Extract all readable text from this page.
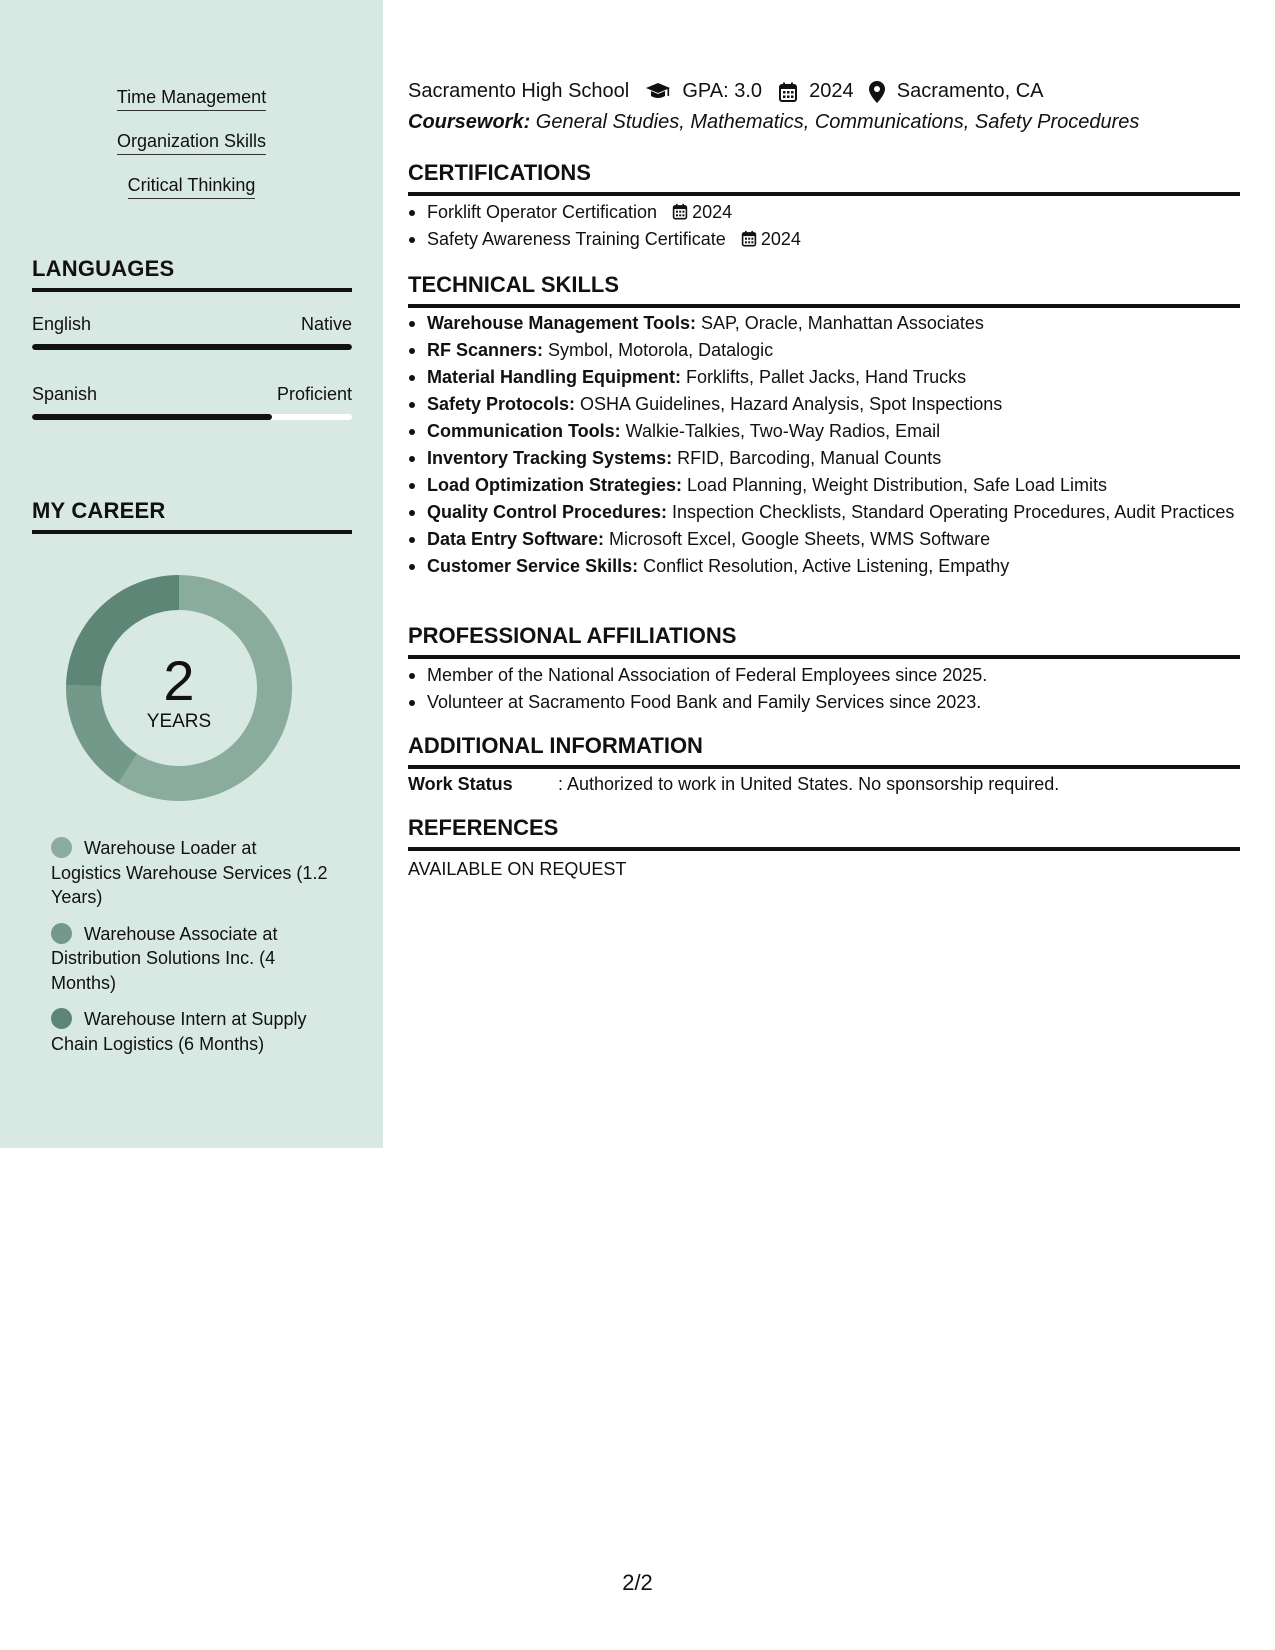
Time Management
Organization Skills
Critical Thinking
LANGUAGES
English	Native
Spanish	Proficient
MY CAREER
2
YEARS
Warehouse Loader at Logistics Warehouse Services (1.2 Years)
Warehouse Associate at Distribution Solutions Inc. (4 Months)
Warehouse Intern at Supply Chain Logistics (6 Months)
Sacramento High School	GPA: 3.0 2024 Sacramento, CA
Coursework: General Studies, Mathematics, Communications, Safety Procedures
CERTIFICATIONS
Forklift Operator Certification 2024
Safety Awareness Training Certificate 2024
TECHNICAL SKILLS
Warehouse Management Tools: SAP, Oracle, Manhattan Associates
RF Scanners: Symbol, Motorola, Datalogic
Material Handling Equipment: Forklifts, Pallet Jacks, Hand Trucks
Safety Protocols: OSHA Guidelines, Hazard Analysis, Spot Inspections
Communication Tools: Walkie-Talkies, Two-Way Radios, Email
Inventory Tracking Systems: RFID, Barcoding, Manual Counts
Load Optimization Strategies: Load Planning, Weight Distribution, Safe Load Limits
Quality Control Procedures: Inspection Checklists, Standard Operating Procedures, Audit Practices
Data Entry Software: Microsoft Excel, Google Sheets, WMS Software
Customer Service Skills: Conflict Resolution, Active Listening, Empathy
PROFESSIONAL AFFILIATIONS
Member of the National Association of Federal Employees since 2025.
Volunteer at Sacramento Food Bank and Family Services since 2023.
ADDITIONAL INFORMATION
Work Status	: Authorized to work in United States. No sponsorship required.
REFERENCES
AVAILABLE ON REQUEST
2/2
